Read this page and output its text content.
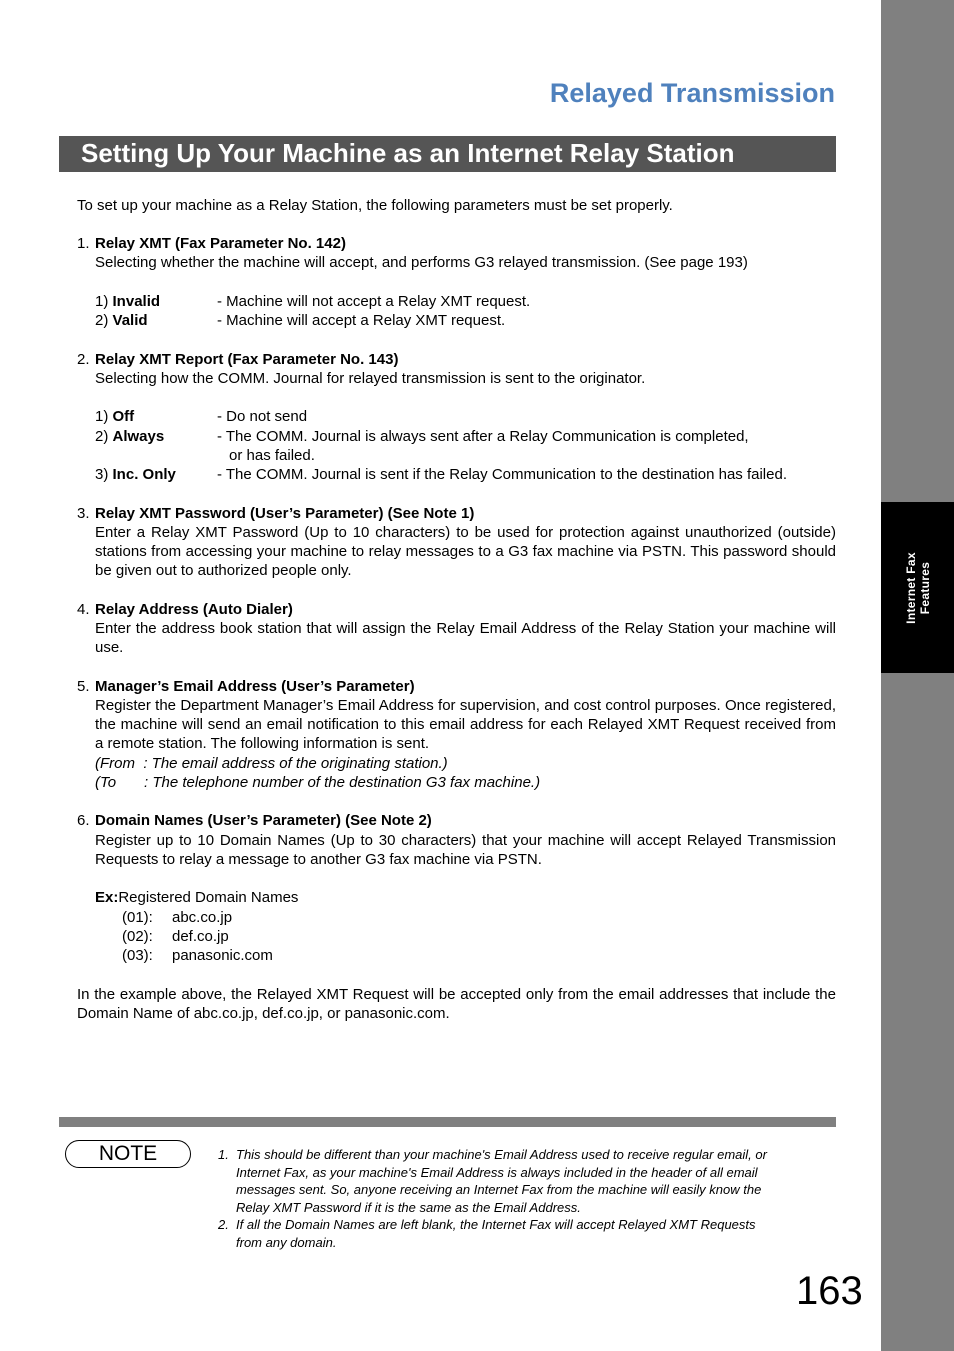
Internet Fax Features
Relayed Transmission
Setting Up Your Machine as an Internet Relay Station
To set up your machine as a Relay Station, the following parameters must be set properly.
1. Relay XMT (Fax Parameter No. 142)
Selecting whether the machine will accept, and performs G3 relayed transmission. (See page 193)
1) Invalid	- Machine will not accept a Relay XMT request.
2) Valid	- Machine will accept a Relay XMT request.
2. Relay XMT Report (Fax Parameter No. 143)
Selecting how the COMM. Journal for relayed transmission is sent to the originator.
1) Off	- Do not send
2) Always	- The COMM. Journal is always sent after a Relay Communication is completed,
or has failed.
3) Inc. Only	- The COMM. Journal is sent if the Relay Communication to the destination has failed.
3. Relay XMT Password (User’s Parameter) (See Note 1)
Enter a Relay XMT Password (Up to 10 characters) to be used for protection against unauthorized (outside) stations from accessing your machine to relay messages to a G3 fax machine via PSTN. This password should be given out to authorized people only.
4. Relay Address (Auto Dialer)
Enter the address book station that will assign the Relay Email Address of the Relay Station your machine will use.
5. Manager’s Email Address (User’s Parameter)
Register the Department Manager’s Email Address for supervision, and cost control purposes. Once registered, the machine will send an email notification to this email address for each Relayed XMT Request received from a remote station. The following information is sent.
(From : The email address of the originating station.)
(To : The telephone number of the destination G3 fax machine.)
6. Domain Names (User’s Parameter) (See Note 2)
Register up to 10 Domain Names (Up to 30 characters) that your machine will accept Relayed Transmission Requests to relay a message to another G3 fax machine via PSTN.
Ex:Registered Domain Names
(01): abc.co.jp
(02): def.co.jp
(03): panasonic.com
In the example above, the Relayed XMT Request will be accepted only from the email addresses that include the Domain Name of abc.co.jp, def.co.jp, or panasonic.com.
NOTE	1. This should be different than your machine's Email Address used to receive regular email, or
Internet Fax, as your machine's Email Address is always included in the header of all email
messages sent. So, anyone receiving an Internet Fax from the machine will easily know the
Relay XMT Password if it is the same as the Email Address.
2. If all the Domain Names are left blank, the Internet Fax will accept Relayed XMT Requests
from any domain.
163
